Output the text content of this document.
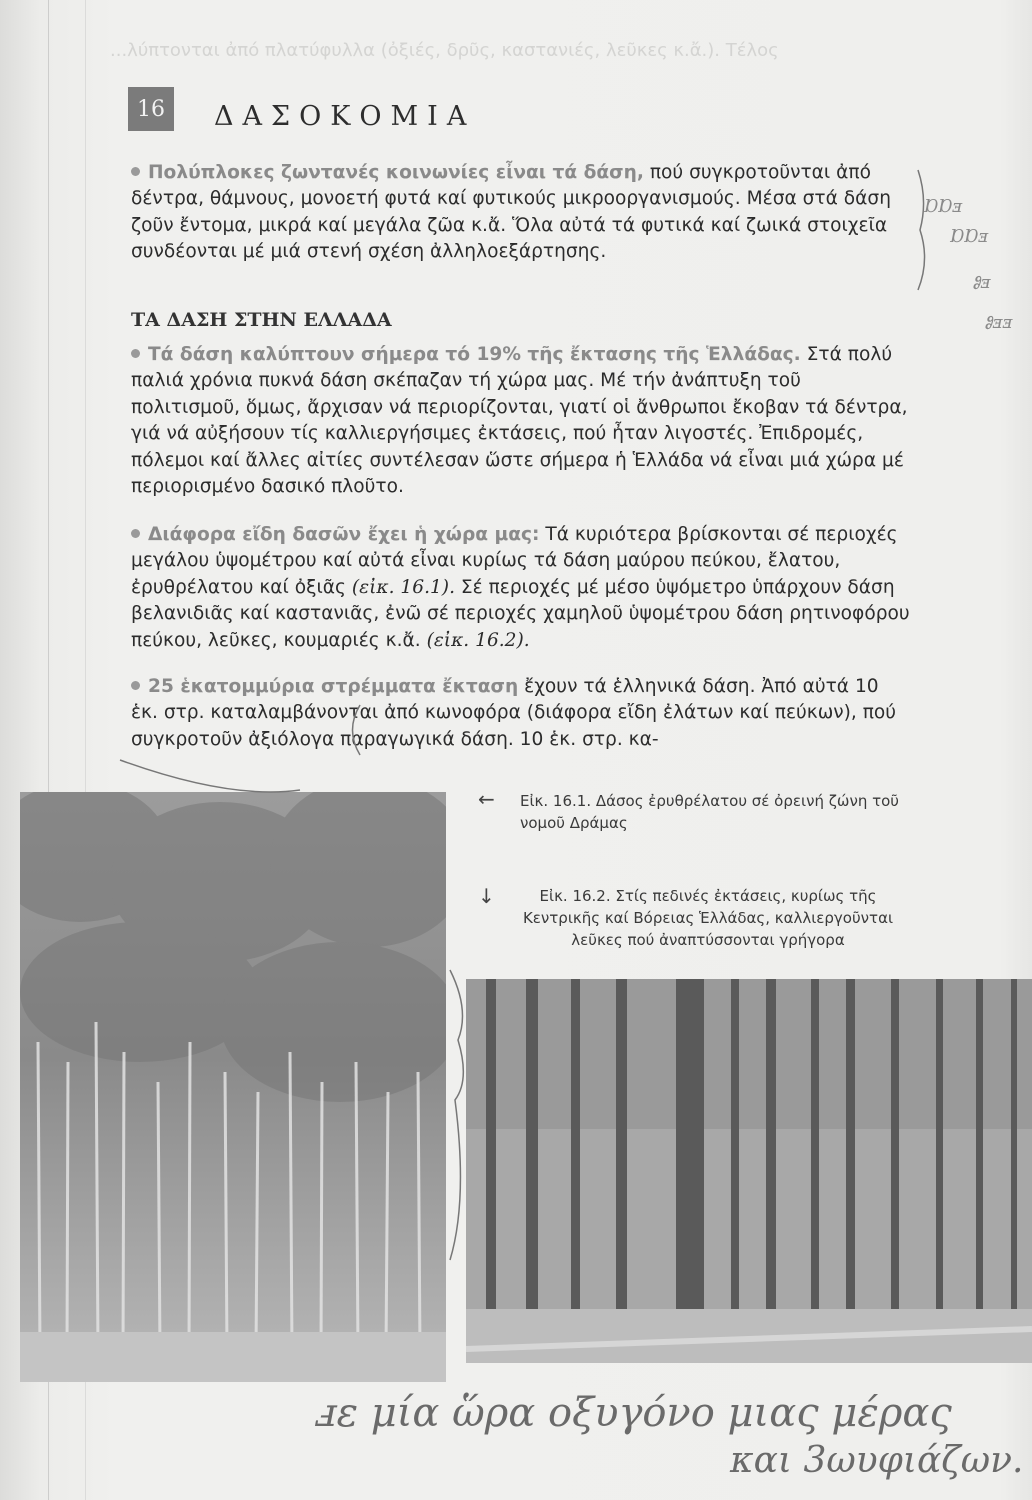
...λύπτονται ἀπό πλατύφυλλα (ὀξιές, δρῦς, καστανιές, λεῦκες κ.ἄ.). Τέλος
16	ΔΑΣΟΚΟΜΙΑ
Πολύπλοκες ζωντανές κοινωνίες εἶναι τά δάση, πού συγκροτοῦνται ἀπό δέντρα, θάμνους, μονοετή φυτά καί φυτικούς μικροοργανισμούς. Μέσα στά δάση ζοῦν ἔντομα, μικρά καί μεγάλα ζῶα κ.ἄ. Ὅλα αὐτά τά φυτικά καί ζωικά στοιχεῖα συνδέονται μέ μιά στενή σχέση ἀλληλοεξάρτησης.
ΤΑ ΔΑΣΗ ΣΤΗΝ ΕΛΛΑΔΑ
Τά δάση καλύπτουν σήμερα τό 19% τῆς ἔκτασης τῆς Ἑλλάδας. Στά πολύ παλιά χρόνια πυκνά δάση σκέπαζαν τή χώρα μας. Μέ τήν ἀνάπτυξη τοῦ πολιτισμοῦ, ὅμως, ἄρχισαν νά περιορίζονται, γιατί οἱ ἄνθρωποι ἔκοβαν τά δέντρα, γιά νά αὐξήσουν τίς καλλιεργήσιμες ἐκτάσεις, πού ἦταν λιγοστές. Ἐπιδρομές, πόλεμοι καί ἄλλες αἰτίες συντέλεσαν ὥστε σήμερα ἡ Ἑλλάδα νά εἶναι μιά χώρα μέ περιορισμένο δασικό πλοῦτο.
Διάφορα εἴδη δασῶν ἔχει ἡ χώρα μας: Τά κυριότερα βρίσκονται σέ περιοχές μεγάλου ὑψομέτρου καί αὐτά εἶναι κυρίως τά δάση μαύρου πεύκου, ἔλατου, ἐρυθρέλατου καί ὀξιᾶς (εἰκ. 16.1). Σέ περιοχές μέ μέσο ὑψόμετρο ὑπάρχουν δάση βελανιδιᾶς καί καστανιᾶς, ἐνῶ σέ περιοχές χαμηλοῦ ὑψομέτρου δάση ρητινοφόρου πεύκου, λεῦκες, κουμαριές κ.ἄ. (εἰκ. 16.2).
25 ἑκατομμύρια στρέμματα ἔκταση ἔχουν τά ἑλληνικά δάση. Ἀπό αὐτά 10 ἑκ. στρ. καταλαμβάνονται ἀπό κωνοφόρα (διάφορα εἴδη ἐλάτων καί πεύκων), πού συγκροτοῦν ἀξιόλογα παραγωγικά δάση. 10 ἑκ. στρ. κα-
← Εἰκ. 16.1. Δάσος ἐρυθρέλατου σέ ὀρεινή ζώνη τοῦ νομοῦ Δράμας
↓	Εἰκ. 16.2. Στίς πεδινές ἐκτάσεις, κυρίως τῆς Κεντρικῆς καί Βόρειας Ἑλλάδας, καλλιεργοῦνται λεῦκες πού ἀναπτύσσονται γρήγορα
ⱰⱰⱻ
ⱰⱰⱻ
Ⱁⱻ
Ⱁⱻⱻ
ⅎε μία ὥρα οξυγόνο μιας μέρας
και 3ωυφιάζων.
